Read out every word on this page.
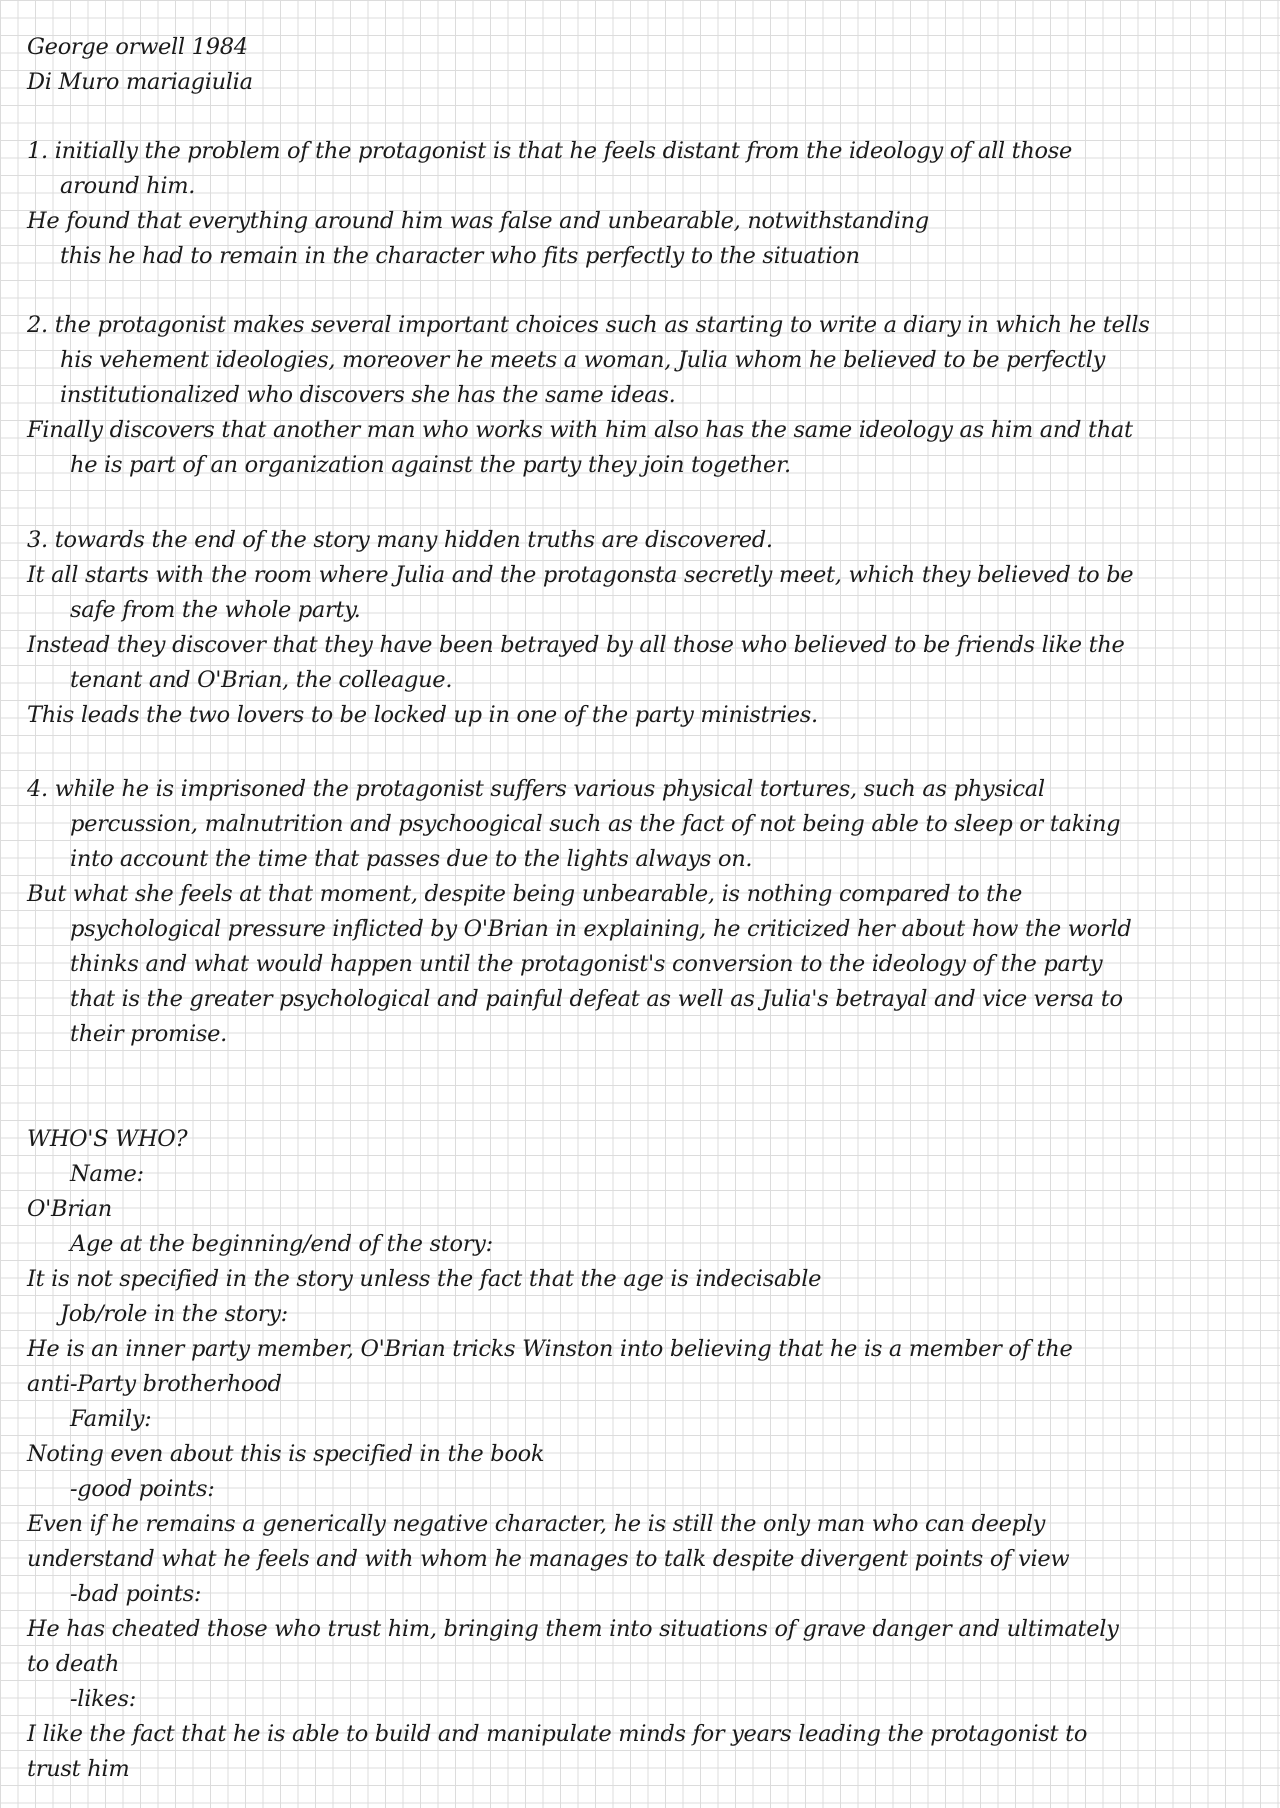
George orwell 1984
Di Muro mariagiulia
1. initially the problem of the protagonist is that he feels distant from the ideology of all those
around him.
He found that everything around him was false and unbearable, notwithstanding
this he had to remain in the character who fits perfectly to the situation
2. the protagonist makes several important choices such as starting to write a diary in which he tells
his vehement ideologies, moreover he meets a woman, Julia whom he believed to be perfectly
institutionalized who discovers she has the same ideas.
Finally discovers that another man who works with him also has the same ideology as him and that
he is part of an organization against the party they join together.
3. towards the end of the story many hidden truths are discovered.
It all starts with the room where Julia and the protagonsta secretly meet, which they believed to be
safe from the whole party.
Instead they discover that they have been betrayed by all those who believed to be friends like the
tenant and O'Brian, the colleague.
This leads the two lovers to be locked up in one of the party ministries.
4. while he is imprisoned the protagonist suffers various physical tortures, such as physical
percussion, malnutrition and psychoogical such as the fact of not being able to sleep or taking
into account the time that passes due to the lights always on.
But what she feels at that moment, despite being unbearable, is nothing compared to the
psychological pressure inflicted by O'Brian in explaining, he criticized her about how the world
thinks and what would happen until the protagonist's conversion to the ideology of the party
that is the greater psychological and painful defeat as well as Julia's betrayal and vice versa to
their promise.
WHO'S WHO?
Name:
O'Brian
Age at the beginning/end of the story:
It is not specified in the story unless the fact that the age is indecisable
Job/role in the story:
He is an inner party member, O'Brian tricks Winston into believing that he is a member of the
anti-Party brotherhood
Family:
Noting even about this is specified in the book
-good points:
Even if he remains a generically negative character, he is still the only man who can deeply
understand what he feels and with whom he manages to talk despite divergent points of view
-bad points:
He has cheated those who trust him, bringing them into situations of grave danger and ultimately
to death
-likes:
I like the fact that he is able to build and manipulate minds for years leading the protagonist to
trust him
